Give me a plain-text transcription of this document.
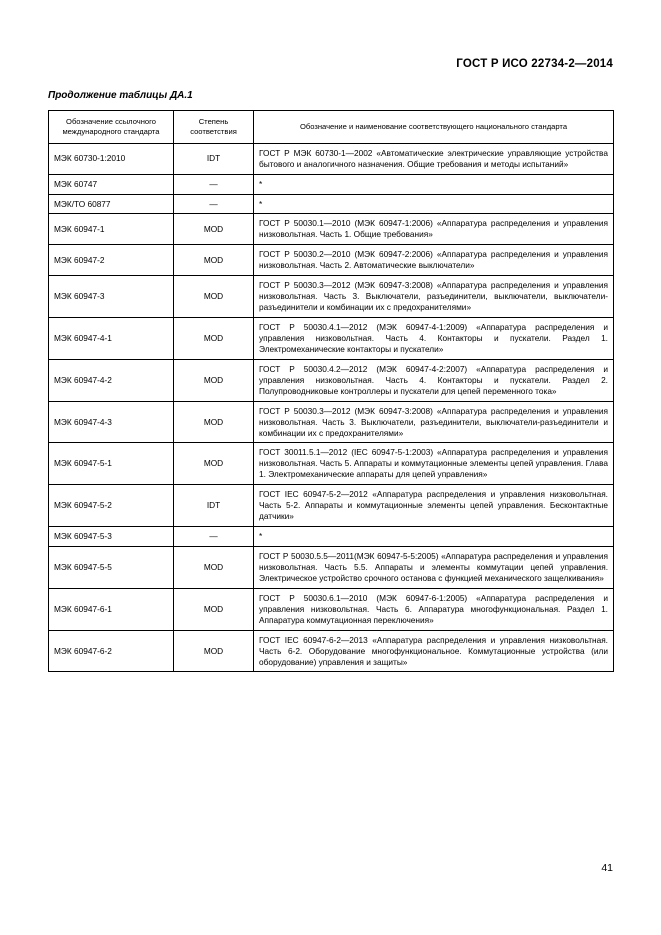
ГОСТ Р ИСО 22734-2—2014
Продолжение таблицы ДА.1
Обозначение ссылочного международного стандарта	Степень соответствия	Обозначение и наименование соответствующего национального стандарта
МЭК 60730-1:2010	IDT	ГОСТ Р МЭК 60730-1—2002 «Автоматические электрические управляющие устройства бытового и аналогичного назначения. Общие требования и методы испытаний»
МЭК 60747	—	*
МЭК/ТО 60877	—	*
МЭК 60947-1	MOD	ГОСТ Р 50030.1—2010 (МЭК 60947-1:2006) «Аппаратура распределения и управления низковольтная. Часть 1. Общие требования»
МЭК 60947-2	MOD	ГОСТ Р 50030.2—2010 (МЭК 60947-2:2006) «Аппаратура распределения и управления низковольтная. Часть 2. Автоматические выключатели»
МЭК 60947-3	MOD	ГОСТ Р 50030.3—2012 (МЭК 60947-3:2008) «Аппаратура распределения и управления низковольтная. Часть 3. Выключатели, разъединители, выключатели, выключатели-разъединители и комбинации их с предохранителями»
МЭК 60947-4-1	MOD	ГОСТ Р 50030.4.1—2012 (МЭК 60947-4-1:2009) «Аппаратура распределения и управления низковольтная. Часть 4. Контакторы и пускатели. Раздел 1. Электромеханические контакторы и пускатели»
МЭК 60947-4-2	MOD	ГОСТ Р 50030.4.2—2012 (МЭК 60947-4-2:2007) «Аппаратура распределения и управления низковольтная. Часть 4. Контакторы и пускатели. Раздел 2. Полупроводниковые контроллеры и пускатели для цепей переменного тока»
МЭК 60947-4-3	MOD	ГОСТ Р 50030.3—2012 (МЭК 60947-3:2008) «Аппаратура распределения и управления низковольтная. Часть 3. Выключатели, разъединители, выключатели-разъединители и комбинации их с предохранителями»
МЭК 60947-5-1	MOD	ГОСТ 30011.5.1—2012 (IEC 60947-5-1:2003) «Аппаратура распределения и управления низковольтная. Часть 5. Аппараты и коммутационные элементы цепей управления. Глава 1. Электромеханические аппараты для цепей управления»
МЭК 60947-5-2	IDT	ГОСТ IEC 60947-5-2—2012 «Аппаратура распределения и управления низковольтная. Часть 5-2. Аппараты и коммутационные элементы цепей управления. Бесконтактные датчики»
МЭК 60947-5-3	—	*
МЭК 60947-5-5	MOD	ГОСТ Р 50030.5.5—2011(МЭК 60947-5-5:2005) «Аппаратура распределения и управления низковольтная. Часть 5.5. Аппараты и элементы коммутации цепей управления. Электрическое устройство срочного останова с функцией механического защелкивания»
МЭК 60947-6-1	MOD	ГОСТ Р 50030.6.1—2010 (МЭК 60947-6-1:2005) «Аппаратура распределения и управления низковольтная. Часть 6. Аппаратура многофункциональная. Раздел 1. Аппаратура коммутационная переключения»
МЭК 60947-6-2	MOD	ГОСТ IEC 60947-6-2—2013 «Аппаратура распределения и управления низковольтная. Часть 6-2. Оборудование многофункциональное. Коммутационные устройства (или оборудование) управления и защиты»
41
